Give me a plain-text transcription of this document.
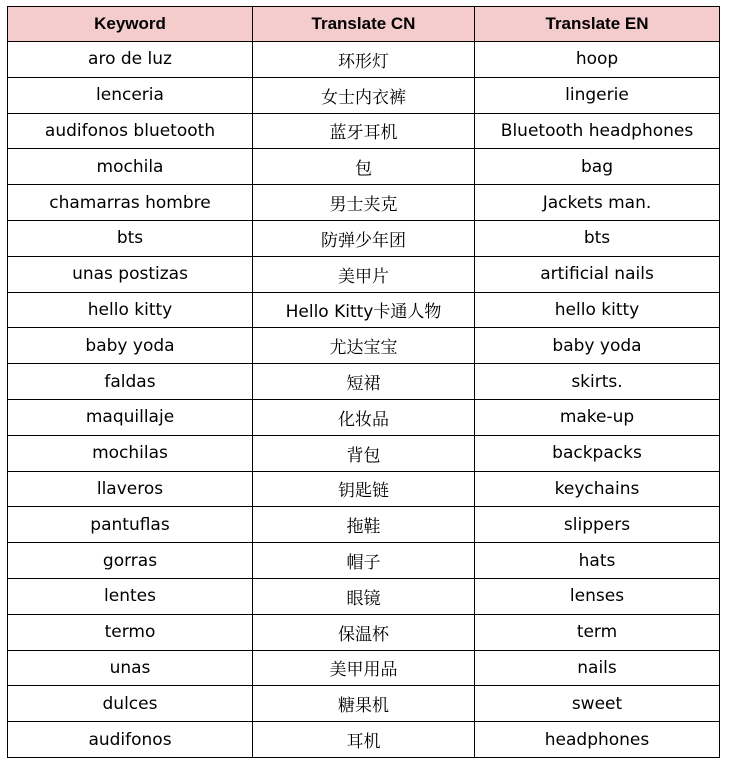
Keyword	Translate CN	Translate EN
aro de luz	环形灯	hoop
lenceria	女士内衣裤	lingerie
audifonos bluetooth	蓝牙耳机	Bluetooth headphones
mochila	包	bag
chamarras hombre	男士夹克	Jackets man.
bts	防弹少年团	bts
unas postizas	美甲片	artificial nails
hello kitty	Hello Kitty卡通人物	hello kitty
baby yoda	尤达宝宝	baby yoda
faldas	短裙	skirts.
maquillaje	化妆品	make-up
mochilas	背包	backpacks
llaveros	钥匙链	keychains
pantuflas	拖鞋	slippers
gorras	帽子	hats
lentes	眼镜	lenses
termo	保温杯	term
unas	美甲用品	nails
dulces	糖果机	sweet
audifonos	耳机	headphones
